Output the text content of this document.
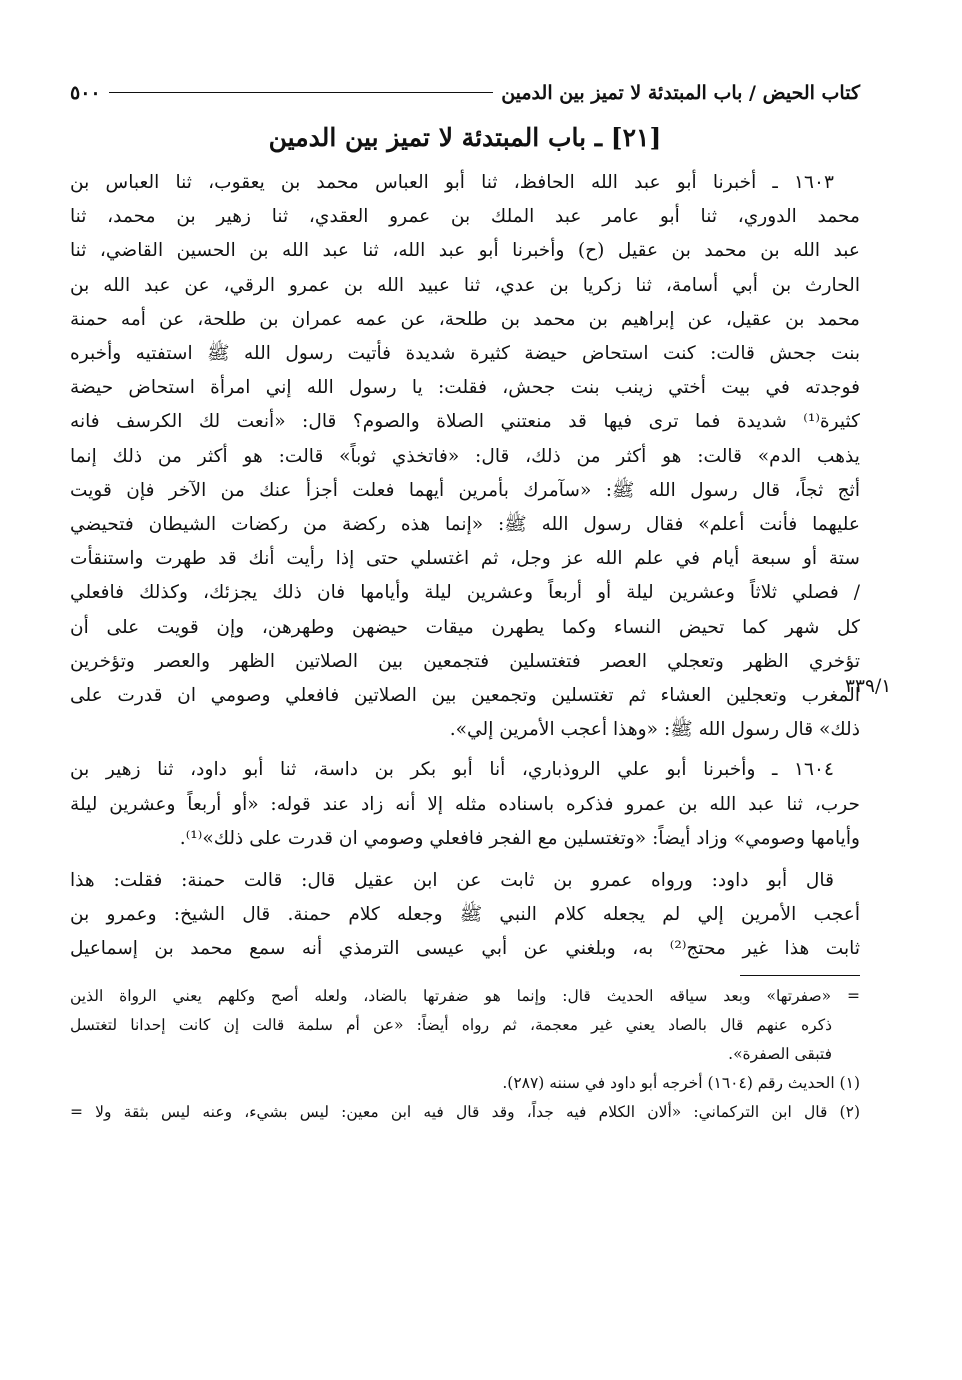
كتاب الحيض / باب المبتدئة لا تميز بين الدمين
٥٠٠
[٢١] ـ باب المبتدئة لا تميز بين الدمين
١٦٠٣ ـ أخبرنا أبو عبد الله الحافظ، ثنا أبو العباس محمد بن يعقوب، ثنا العباس بن
محمد الدوري، ثنا أبو عامر عبد الملك بن عمرو العقدي، ثنا زهير بن محمد، ثنا
عبد الله بن محمد بن عقيل (ح) وأخبرنا أبو عبد الله، ثنا عبد الله بن الحسين القاضي، ثنا
الحارث بن أبي أسامة، ثنا زكريا بن عدي، ثنا عبيد الله بن عمرو الرقي، عن عبد الله بن
محمد بن عقيل، عن إبراهيم بن محمد بن طلحة، عن عمه عمران بن طلحة، عن أمه حمنة
بنت جحش قالت: كنت استحاض حيضة كثيرة شديدة فأتيت رسول الله ﷺ استفتيه وأخبره
فوجدته في بيت أختي زينب بنت جحش، فقلت: يا رسول الله إني امرأة استحاض حيضة
كثيرة⁽¹⁾ شديدة فما ترى فيها قد منعتني الصلاة والصوم؟ قال: «أنعت لك الكرسف فانه
يذهب الدم» قالت: هو أكثر من ذلك، قال: «فاتخذي ثوباً» قالت: هو أكثر من ذلك إنما
أثج ثجاً، قال رسول الله ﷺ: «سآمرك بأمرين أيهما فعلت أجزأ عنك من الآخر فإن قويت
عليهما فأنت أعلم» فقال رسول الله ﷺ: «إنما هذه ركضة من ركضات الشيطان فتحيضي
ستة أو سبعة أيام في علم الله عز وجل، ثم اغتسلي حتى إذا رأيت أنك قد طهرت واستنقأت
/ فصلي ثلاثاً وعشرين ليلة أو أربعاً وعشرين ليلة وأيامها فان ذلك يجزئك، وكذلك فافعلي
كل شهر كما تحيض النساء وكما يطهرن ميقات حيضهن وطهرهن، وإن قويت على أن
تؤخري الظهر وتعجلي العصر فتغتسلين فتجمعين بين الصلاتين الظهر والعصر وتؤخرين
المغرب وتعجلين العشاء ثم تغتسلين وتجمعين بين الصلاتين فافعلي وصومي ان قدرت على
ذلك» قال رسول الله ﷺ: «وهذا أعجب الأمرين إلي».
١٦٠٤ ـ وأخبرنا أبو علي الروذباري، أنا أبو بكر بن داسة، ثنا أبو داود، ثنا زهير بن
حرب، ثنا عبد الله بن عمرو فذكره باسناده مثله إلا أنه زاد عند قوله: «أو أربعاً وعشرين ليلة
وأيامها وصومي» وزاد أيضاً: «وتغتسلين مع الفجر فافعلي وصومي ان قدرت على ذلك»⁽¹⁾.
قال أبو داود: ورواه عمرو بن ثابت عن ابن عقيل قال: قالت حمنة: فقلت: هذا
أعجب الأمرين إلي لم يجعله كلام النبي ﷺ وجعله كلام حمنة. قال الشيخ: وعمرو بن
ثابت هذا غير محتج⁽²⁾ به، وبلغني عن أبي عيسى الترمذي أنه سمع محمد بن إسماعيل
= «صفرتها» وبعد سياقه الحديث قال: وإنما هو ضفرتها بالضاد، ولعله أصح وكلهم يعني الرواة الذين
ذكره عنهم قال بالصاد يعني غير معجمة، ثم رواه أيضاً: «عن أم سلمة قالت إن كانت إحدانا لتغتسل
فتبقى الصفرة».
(١) الحديث رقم (١٦٠٤) أخرجه أبو داود في سننه (٢٨٧).
(٢) قال ابن التركماني: «ألان الكلام فيه جداً، وقد قال فيه ابن معين: ليس بشيء، وعنه ليس بثقة ولا =
٣٣٩/١
